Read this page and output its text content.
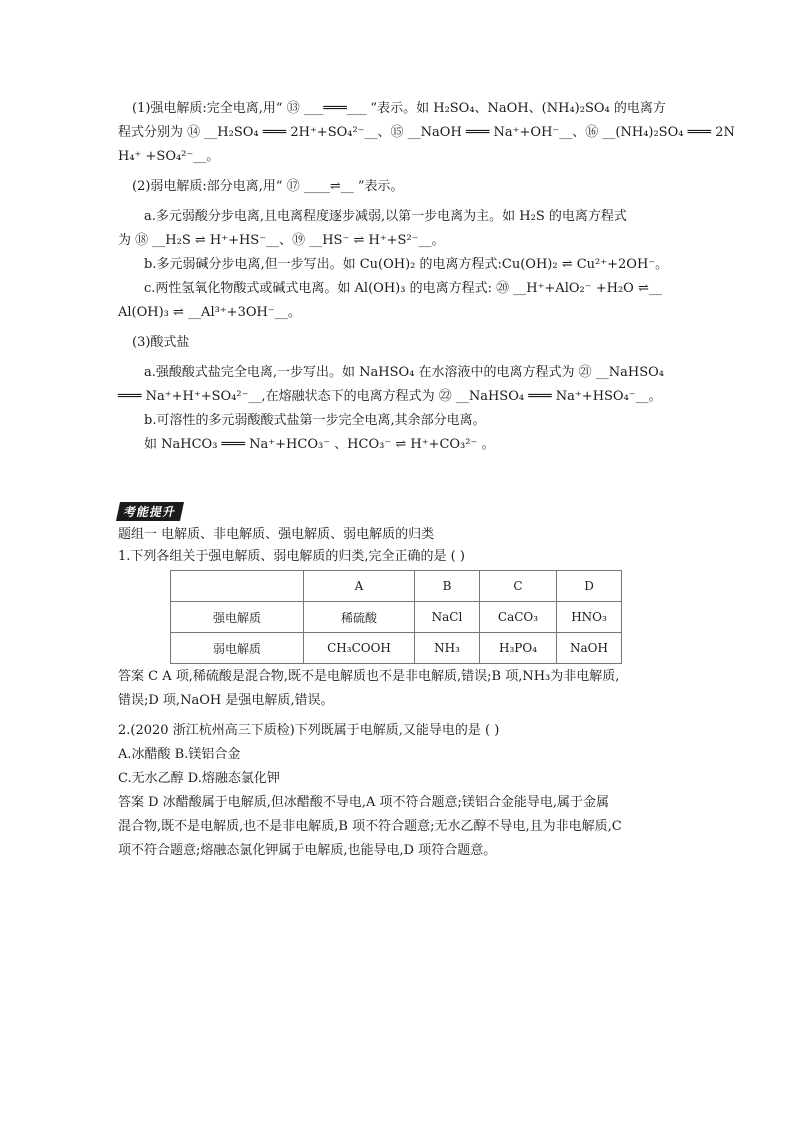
(1)强电解质:完全电离,用“ ⑬ ___═══___ ”表示。如 H₂SO₄、NaOH、(NH₄)₂SO₄ 的电离方
程式分别为 ⑭ __H₂SO₄ ═══ 2H⁺+SO₄²⁻__、⑮ __NaOH ═══ Na⁺+OH⁻__、⑯ __(NH₄)₂SO₄ ═══ 2N
H₄⁺ +SO₄²⁻__。
(2)弱电解质:部分电离,用“ ⑰ ____⇌__ ”表示。
a.多元弱酸分步电离,且电离程度逐步减弱,以第一步电离为主。如 H₂S 的电离方程式
为 ⑱ __H₂S ⇌ H⁺+HS⁻__、⑲ __HS⁻ ⇌ H⁺+S²⁻__。
b.多元弱碱分步电离,但一步写出。如 Cu(OH)₂ 的电离方程式:Cu(OH)₂ ⇌ Cu²⁺+2OH⁻。
c.两性氢氧化物酸式或碱式电离。如 Al(OH)₃ 的电离方程式: ⑳ __H⁺+AlO₂⁻ +H₂O ⇌__
Al(OH)₃ ⇌ __Al³⁺+3OH⁻__。
(3)酸式盐
a.强酸酸式盐完全电离,一步写出。如 NaHSO₄ 在水溶液中的电离方程式为 ㉑ __NaHSO₄
═══ Na⁺+H⁺+SO₄²⁻__,在熔融状态下的电离方程式为 ㉒ __NaHSO₄ ═══ Na⁺+HSO₄⁻__。
b.可溶性的多元弱酸酸式盐第一步完全电离,其余部分电离。
如 NaHCO₃ ═══ Na⁺+HCO₃⁻ 、HCO₃⁻ ⇌ H⁺+CO₃²⁻ 。
考能提升
题组一 电解质、非电解质、强电解质、弱电解质的归类
1.下列各组关于强电解质、弱电解质的归类,完全正确的是 ( )
	A	B	C	D
强电解质	稀硫酸	NaCl	CaCO₃	HNO₃
弱电解质	CH₃COOH	NH₃	H₃PO₄	NaOH
答案 C A 项,稀硫酸是混合物,既不是电解质也不是非电解质,错误;B 项,NH₃为非电解质,
错误;D 项,NaOH 是强电解质,错误。
2.(2020 浙江杭州高三下质检)下列既属于电解质,又能导电的是 ( )
A.冰醋酸 B.镁铝合金
C.无水乙醇 D.熔融态氯化钾
答案 D 冰醋酸属于电解质,但冰醋酸不导电,A 项不符合题意;镁铝合金能导电,属于金属
混合物,既不是电解质,也不是非电解质,B 项不符合题意;无水乙醇不导电,且为非电解质,C
项不符合题意;熔融态氯化钾属于电解质,也能导电,D 项符合题意。
